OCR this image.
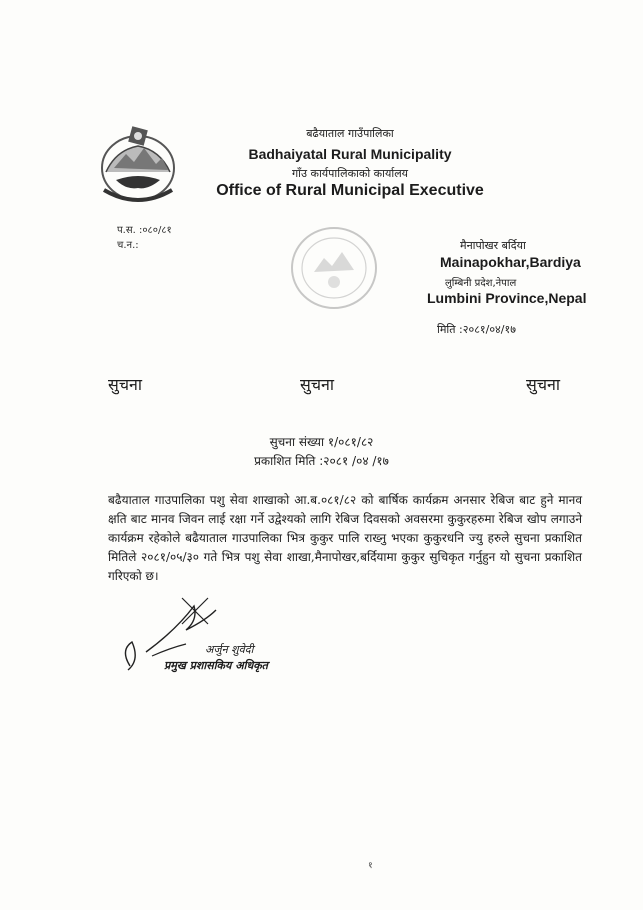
बढैयाताल गाउँपालिका
Badhaiyatal Rural Municipality
गाँउ कार्यपालिकाको कार्यालय
Office of Rural Municipal Executive
प.स. :०८०/८१
च.न.:	मैनापोखर बर्दिया
Mainapokhar,Bardiya
लुम्बिनी प्रदेश,नेपाल
Lumbini Province,Nepal
मिति :२०८१/०४/१७
सुचना	सुचना	सुचना
सुचना संख्या १/०८१/८२
प्रकाशित मिति :२०८१ /०४ /१७
बढैयाताल गाउपालिका पशु सेवा शाखाको आ.ब.०८१/८२ को बार्षिक कार्यक्रम अनसार रेबिज बाट हुने मानव क्षति बाट मानव जिवन लाई रक्षा गर्ने उद्वेश्यको लागि रेबिज दिवसको अवसरमा कुकुरहरुमा रेबिज खोप लगाउने कार्यक्रम रहेकोले बढैयाताल गाउपालिका भित्र कुकुर पालि राख्नु भएका कुकुरधनि ज्यु हरुले सुचना प्रकाशित मितिले २०८१/०५/३० गते भित्र पशु सेवा शाखा,मैनापोखर,बर्दियामा कुकुर सुचिकृत गर्नुहुन यो सुचना प्रकाशित गरिएको छ।
अर्जुन शुवेदी
प्रमुख प्रशासकिय अधिकृत
१
